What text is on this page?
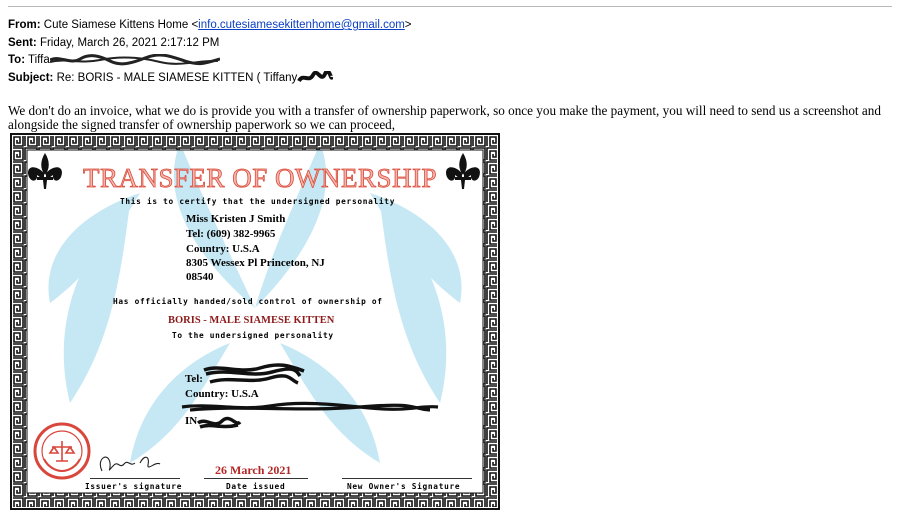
From: Cute Siamese Kittens Home <info.cutesiamesekittenhome@gmail.com>
Sent: Friday, March 26, 2021 2:17:12 PM
To: Tiffa
Subject: Re: BORIS - MALE SIAMESE KITTEN ( Tiffany
We don't do an invoice, what we do is provide you with a transfer of ownership paperwork, so once you make the payment, you will need to send us a screenshot and alongside the signed transfer of ownership paperwork so we can proceed,
TRANSFER OF OWNERSHIP
This is to certify that the undersigned personality
Miss Kristen J Smith
Tel: (609) 382-9965
Country: U.S.A
8305 Wessex Pl Princeton, NJ
08540
Has officially handed/sold control of ownership of
BORIS - MALE SIAMESE KITTEN
To the undersigned personality
Tel:
Country: U.S.A
IN
26 March 2021
Issuer's signature	Date issued	New Owner's Signature
